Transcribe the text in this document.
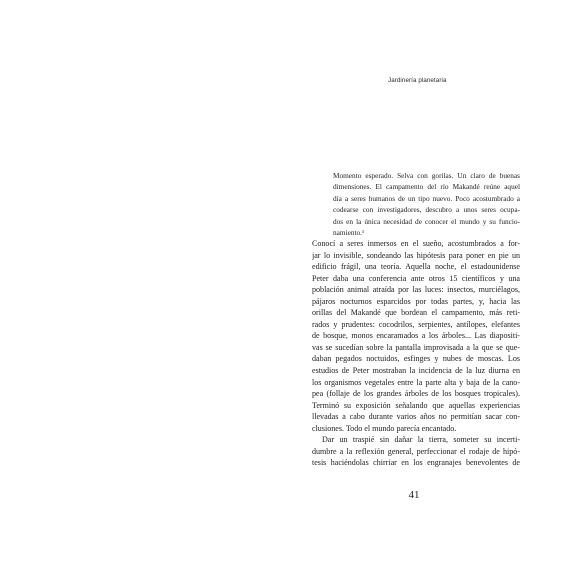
Jardinería planetaria
Momento esperado. Selva con gorilas. Un claro de buenas
dimensiones. El campamento del río Makandé reúne aquel
día a seres humanos de un tipo nuevo. Poco acostumbrado a
codearse con investigadores, descubro a unos seres ocupa-
dos en la única necesidad de conocer el mundo y su funcio-
namiento.¹
Conocí a seres inmersos en el sueño, acostumbrados a for-
jar lo invisible, sondeando las hipótesis para poner en pie un
edificio frágil, una teoría. Aquella noche, el estadounidense
Peter daba una conferencia ante otros 15 científicos y una
población animal atraída por las luces: insectos, murciélagos,
pájaros nocturnos esparcidos por todas partes, y, hacia las
orillas del Makandé que bordean el campamento, más reti-
rados y prudentes: cocodrilos, serpientes, antílopes, elefantes
de bosque, monos encaramados a los árboles... Las diapositi-
vas se sucedían sobre la pantalla improvisada a la que se que-
daban pegados noctuidos, esfinges y nubes de moscas. Los
estudios de Peter mostraban la incidencia de la luz diurna en
los organismos vegetales entre la parte alta y baja de la cano-
pea (follaje de los grandes árboles de los bosques tropicales).
Terminó su exposición señalando que aquellas experiencias
llevadas a cabo durante varios años no permitían sacar con-
clusiones. Todo el mundo parecía encantado.
Dar un traspié sin dañar la tierra, someter su incerti-
dumbre a la reflexión general, perfeccionar el rodaje de hipó-
tesis haciéndolas chirriar en los engranajes benevolentes de
41
